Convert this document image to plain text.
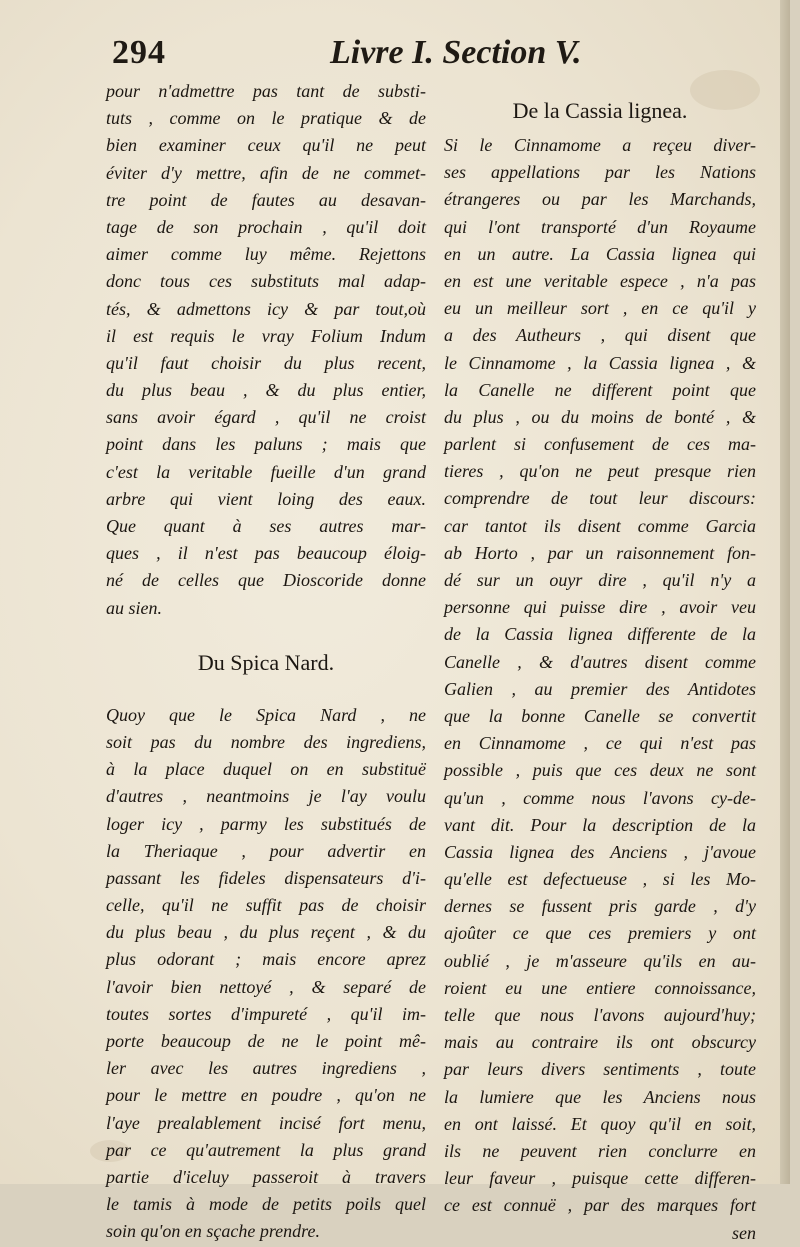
294	Livre I. Section V.
pour n'admettre pas tant de substi-
tuts , comme on le pratique & de
bien examiner ceux qu'il ne peut
éviter d'y mettre, afin de ne commet-
tre point de fautes au desavan-
tage de son prochain , qu'il doit
aimer comme luy même. Rejettons
donc tous ces substituts mal adap-
tés, & admettons icy & par tout,où
il est requis le vray Folium Indum
qu'il faut choisir du plus recent,
du plus beau , & du plus entier,
sans avoir égard , qu'il ne croist
point dans les paluns ; mais que
c'est la veritable fueille d'un grand
arbre qui vient loing des eaux.
Que quant à ses autres mar-
ques , il n'est pas beaucoup éloig-
né de celles que Dioscoride donne
au sien.
Du Spica Nard.
Quoy que le Spica Nard , ne
soit pas du nombre des ingrediens,
à la place duquel on en substituë
d'autres , neantmoins je l'ay voulu
loger icy , parmy les substitués de
la Theriaque , pour advertir en
passant les fideles dispensateurs d'i-
celle, qu'il ne suffit pas de choisir
du plus beau , du plus reçent , & du
plus odorant ; mais encore aprez
l'avoir bien nettoyé , & separé de
toutes sortes d'impureté , qu'il im-
porte beaucoup de ne le point mê-
ler avec les autres ingrediens ,
pour le mettre en poudre , qu'on ne
l'aye prealablement incisé fort menu,
par ce qu'autrement la plus grand
partie d'iceluy passeroit à travers
le tamis à mode de petits poils quel
soin qu'on en sçache prendre.
De la Cassia lignea.
Si le Cinnamome a reçeu diver-
ses appellations par les Nations
étrangeres ou par les Marchands,
qui l'ont transporté d'un Royaume
en un autre. La Cassia lignea qui
en est une veritable espece , n'a pas
eu un meilleur sort , en ce qu'il y
a des Autheurs , qui disent que
le Cinnamome , la Cassia lignea , &
la Canelle ne different point que
du plus , ou du moins de bonté , &
parlent si confusement de ces ma-
tieres , qu'on ne peut presque rien
comprendre de tout leur discours:
car tantot ils disent comme Garcia
ab Horto , par un raisonnement fon-
dé sur un ouyr dire , qu'il n'y a
personne qui puisse dire , avoir veu
de la Cassia lignea differente de la
Canelle , & d'autres disent comme
Galien , au premier des Antidotes
que la bonne Canelle se convertit
en Cinnamome , ce qui n'est pas
possible , puis que ces deux ne sont
qu'un , comme nous l'avons cy-de-
vant dit. Pour la description de la
Cassia lignea des Anciens , j'avoue
qu'elle est defectueuse , si les Mo-
dernes se fussent pris garde , d'y
ajoûter ce que ces premiers y ont
oublié , je m'asseure qu'ils en au-
roient eu une entiere connoissance,
telle que nous l'avons aujourd'huy;
mais au contraire ils ont obscurcy
par leurs divers sentiments , toute
la lumiere que les Anciens nous
en ont laissé. Et quoy qu'il en soit,
ils ne peuvent rien conclurre en
leur faveur , puisque cette differen-
ce est connuë , par des marques fort
sen
